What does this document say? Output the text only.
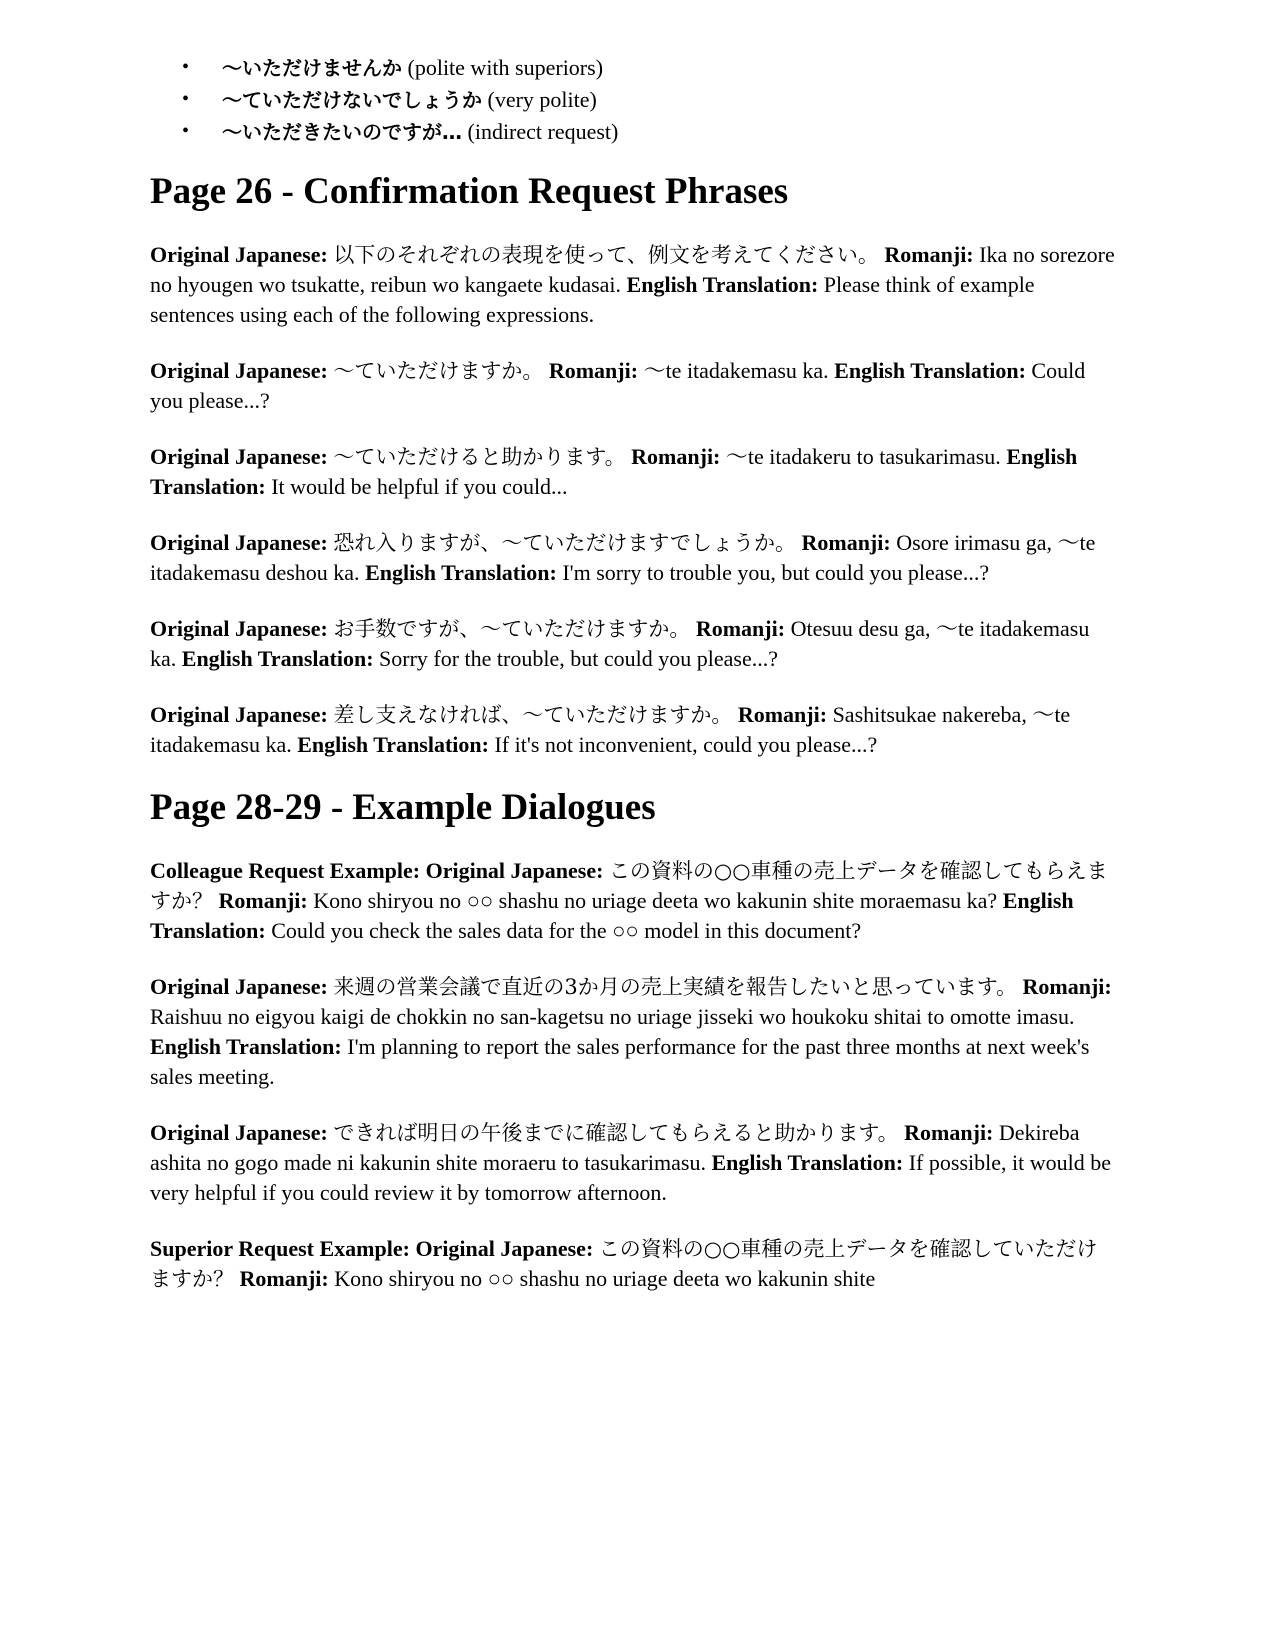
• 〜いただけませんか (polite with superiors)
• 〜ていただけないでしょうか (very polite)
• 〜いただきたいのですが… (indirect request)
Page 26 - Confirmation Request Phrases

Original Japanese: 以下のそれぞれの表現を使って、例文を考えてください。 Romanji: Ika no sorezore no hyougen wo tsukatte, reibun wo kangaete kudasai. English Translation: Please think of example sentences using each of the following expressions.

Original Japanese: 〜ていただけますか。 Romanji: 〜te itadakemasu ka. English Translation: Could you please...?

Original Japanese: 〜ていただけると助かります。 Romanji: 〜te itadakeru to tasukarimasu. English Translation: It would be helpful if you could...

Original Japanese: 恐れ入りますが、〜ていただけますでしょうか。 Romanji: Osore irimasu ga, 〜te itadakemasu deshou ka. English Translation: I'm sorry to trouble you, but could you please...?

Original Japanese: お手数ですが、〜ていただけますか。 Romanji: Otesuu desu ga, 〜te itadakemasu ka. English Translation: Sorry for the trouble, but could you please...?

Original Japanese: 差し支えなければ、〜ていただけますか。 Romanji: Sashitsukae nakereba, 〜te itadakemasu ka. English Translation: If it's not inconvenient, could you please...?

Page 28-29 - Example Dialogues

Colleague Request Example: Original Japanese: この資料の○○車種の売上データを確認してもらえますか？ Romanji: Kono shiryou no ○○ shashu no uriage deeta wo kakunin shite moraemasu ka? English Translation: Could you check the sales data for the ○○ model in this document?

Original Japanese: 来週の営業会議で直近の3か月の売上実績を報告したいと思っています。 Romanji: Raishuu no eigyou kaigi de chokkin no san-kagetsu no uriage jisseki wo houkoku shitai to omotte imasu. English Translation: I'm planning to report the sales performance for the past three months at next week's sales meeting.

Original Japanese: できれば明日の午後までに確認してもらえると助かります。 Romanji: Dekireba ashita no gogo made ni kakunin shite moraeru to tasukarimasu. English Translation: If possible, it would be very helpful if you could review it by tomorrow afternoon.

Superior Request Example: Original Japanese: この資料の○○車種の売上データを確認していただけますか？ Romanji: Kono shiryou no ○○ shashu no uriage deeta wo kakunin shite
